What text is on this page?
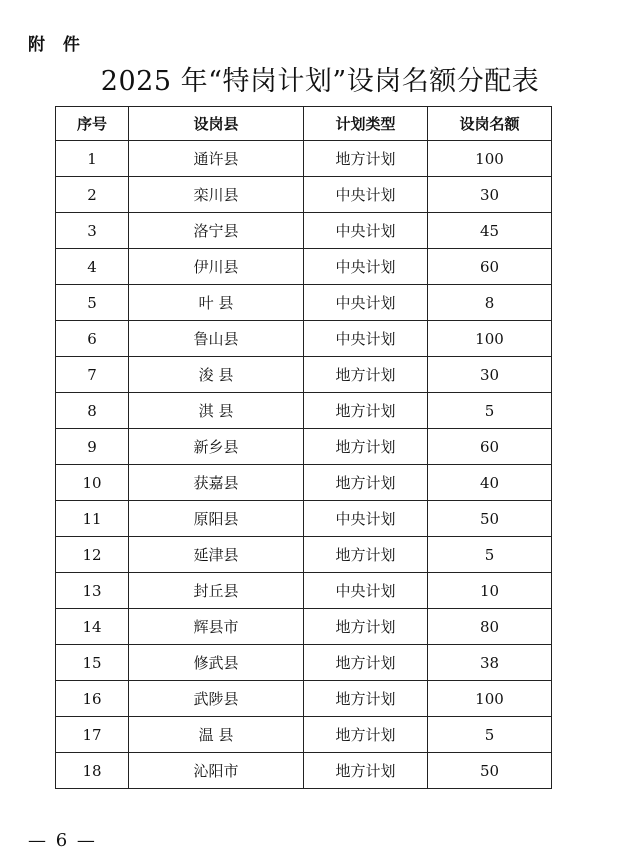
附 件
2025 年“特岗计划”设岗名额分配表
序号	设岗县	计划类型	设岗名额
1	通许县	地方计划	100
2	栾川县	中央计划	30
3	洛宁县	中央计划	45
4	伊川县	中央计划	60
5	叶 县	中央计划	8
6	鲁山县	中央计划	100
7	浚 县	地方计划	30
8	淇 县	地方计划	5
9	新乡县	地方计划	60
10	获嘉县	地方计划	40
11	原阳县	中央计划	50
12	延津县	地方计划	5
13	封丘县	中央计划	10
14	辉县市	地方计划	80
15	修武县	地方计划	38
16	武陟县	地方计划	100
17	温 县	地方计划	5
18	沁阳市	地方计划	50
— 6 —
